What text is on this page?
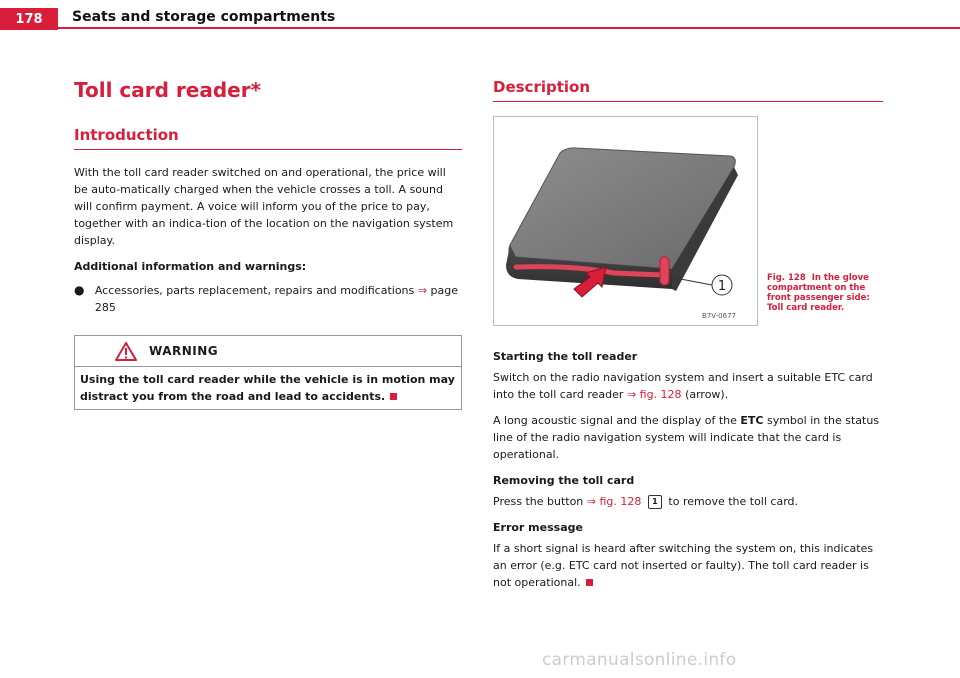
178	Seats and storage compartments
Toll card reader*
Introduction

With the toll card reader switched on and operational, the price will be auto-matically charged when the vehicle crosses a toll. A sound will confirm payment. A voice will inform you of the price to pay, together with an indica-tion of the location on the navigation system display.

Additional information and warnings:

● Accessories, parts replacement, repairs and modifications ⇒ page 285
WARNING
Using the toll card reader while the vehicle is in motion may distract you from the road and lead to accidents.
Description
1
B7V-0677
Fig. 128 In the glove compartment on the front passenger side: Toll card reader.

Starting the toll reader

Switch on the radio navigation system and insert a suitable ETC card into the toll card reader ⇒ fig. 128 (arrow).

A long acoustic signal and the display of the ETC symbol in the status line of the radio navigation system will indicate that the card is operational.

Removing the toll card

Press the button ⇒ fig. 128 1 to remove the toll card.

Error message

If a short signal is heard after switching the system on, this indicates an error (e.g. ETC card not inserted or faulty). The toll card reader is not operational.

carmanualsonline.info
